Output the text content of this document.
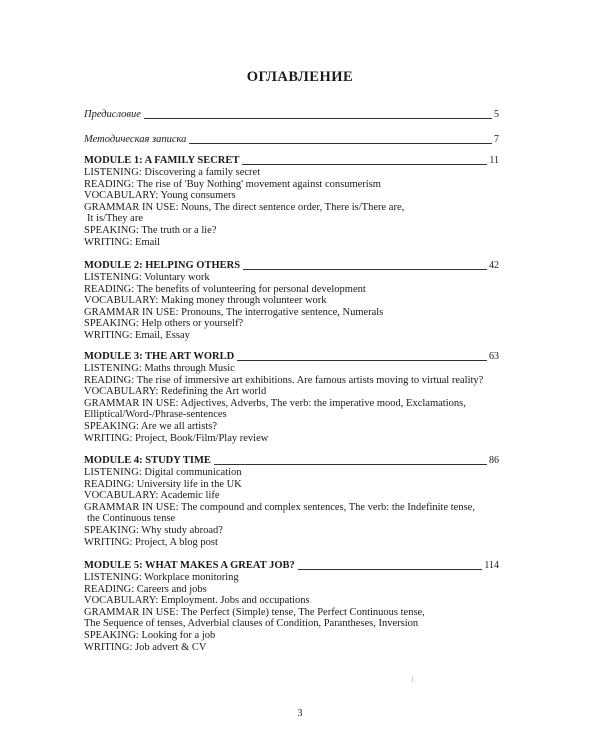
ОГЛАВЛЕНИЕ
Предисловие	5
Методическая записка	7
MODULE 1: A FAMILY SECRET	11
LISTENING: Discovering a family secret
READING: The rise of 'Buy Nothing' movement against consumerism
VOCABULARY: Young consumers
GRAMMAR IN USE: Nouns, The direct sentence order, There is/There are,
It is/They are
SPEAKING: The truth or a lie?
WRITING: Email
MODULE 2: HELPING OTHERS	42
LISTENING: Voluntary work
READING: The benefits of volunteering for personal development
VOCABULARY: Making money through volunteer work
GRAMMAR IN USE: Pronouns, The interrogative sentence, Numerals
SPEAKING: Help others or yourself?
WRITING: Email, Essay
MODULE 3: THE ART WORLD	63
LISTENING: Maths through Music
READING: The rise of immersive art exhibitions. Are famous artists moving to virtual reality?
VOCABULARY: Redefining the Art world
GRAMMAR IN USE: Adjectives, Adverbs, The verb: the imperative mood, Exclamations,
Elliptical/Word-/Phrase-sentences
SPEAKING: Are we all artists?
WRITING: Project, Book/Film/Play review
MODULE 4: STUDY TIME	86
LISTENING: Digital communication
READING: University life in the UK
VOCABULARY: Academic life
GRAMMAR IN USE: The compound and complex sentences, The verb: the Indefinite tense,
the Continuous tense
SPEAKING: Why study abroad?
WRITING: Project, A blog post
MODULE 5: WHAT MAKES A GREAT JOB?	114
LISTENING: Workplace monitoring
READING: Careers and jobs
VOCABULARY: Employment. Jobs and occupations
GRAMMAR IN USE: The Perfect (Simple) tense, The Perfect Continuous tense,
The Sequence of tenses, Adverbial clauses of Condition, Parantheses, Inversion
SPEAKING: Looking for a job
WRITING: Job advert & CV
3
